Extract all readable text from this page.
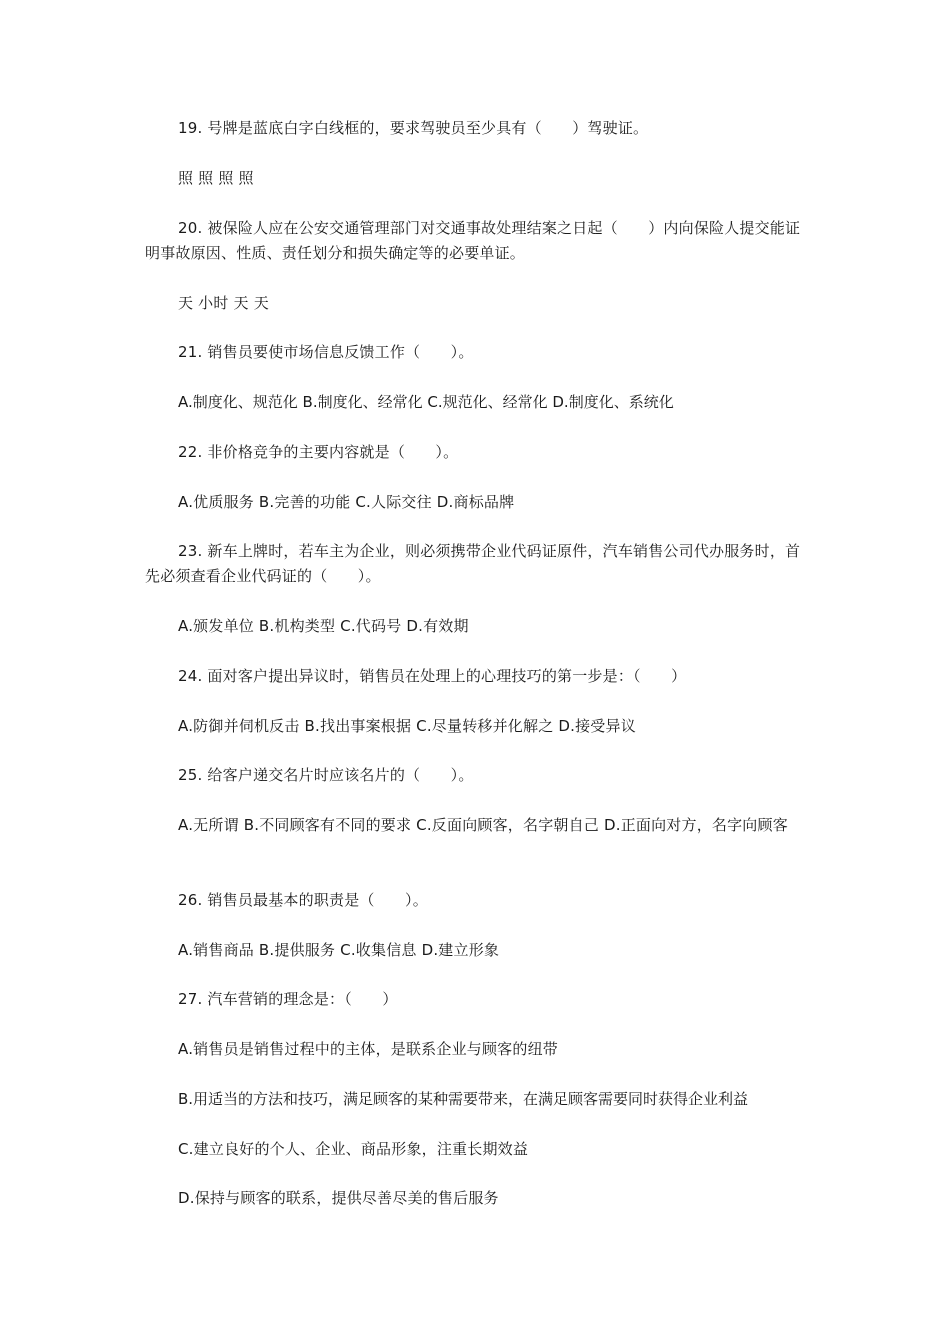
19. 号牌是蓝底白字白线框的，要求驾驶员至少具有（　　）驾驶证。

照 照 照 照

20. 被保险人应在公安交通管理部门对交通事故处理结案之日起（　　）内向保险人提交能证明事故原因、性质、责任划分和损失确定等的必要单证。

天 小时 天 天

21. 销售员要使市场信息反馈工作（　　）。

A.制度化、规范化 B.制度化、经常化 C.规范化、经常化 D.制度化、系统化

22. 非价格竞争的主要内容就是（　　）。

A.优质服务 B.完善的功能 C.人际交往 D.商标品牌

23. 新车上牌时，若车主为企业，则必须携带企业代码证原件，汽车销售公司代办服务时，首先必须查看企业代码证的（　　）。

A.颁发单位 B.机构类型 C.代码号 D.有效期

24. 面对客户提出异议时，销售员在处理上的心理技巧的第一步是：（　　）

A.防御并伺机反击 B.找出事案根据 C.尽量转移并化解之 D.接受异议

25. 给客户递交名片时应该名片的（　　）。

A.无所谓 B.不同顾客有不同的要求 C.反面向顾客，名字朝自己 D.正面向对方，名字向顾客

26. 销售员最基本的职责是（　　）。

A.销售商品 B.提供服务 C.收集信息 D.建立形象

27. 汽车营销的理念是：（　　）

A.销售员是销售过程中的主体，是联系企业与顾客的纽带

B.用适当的方法和技巧，满足顾客的某种需要带来，在满足顾客需要同时获得企业利益

C.建立良好的个人、企业、商品形象，注重长期效益

D.保持与顾客的联系，提供尽善尽美的售后服务
